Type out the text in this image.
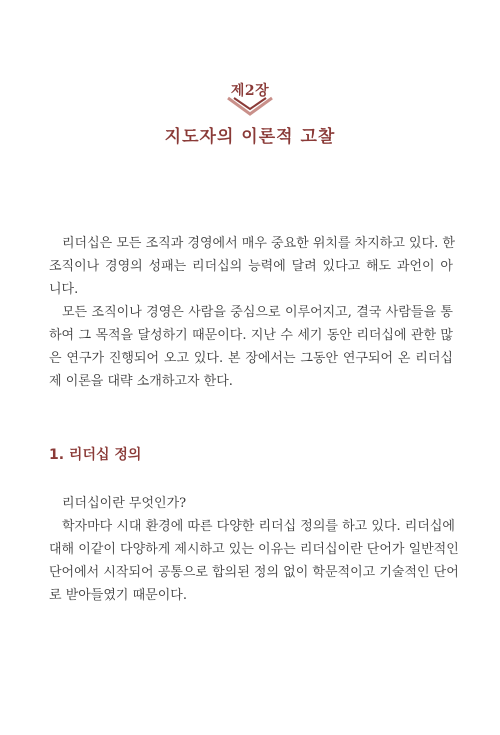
제2장
지도자의 이론적 고찰

리더십은 모든 조직과 경영에서 매우 중요한 위치를 차지하고 있다. 한
조직이나 경영의 성패는 리더십의 능력에 달려 있다고 해도 과언이 아
니다.

모든 조직이나 경영은 사람을 중심으로 이루어지고, 결국 사람들을 통
하여 그 목적을 달성하기 때문이다. 지난 수 세기 동안 리더십에 관한 많
은 연구가 진행되어 오고 있다. 본 장에서는 그동안 연구되어 온 리더십
제 이론을 대략 소개하고자 한다.

1. 리더십 정의
리더십이란 무엇인가?

학자마다 시대 환경에 따른 다양한 리더십 정의를 하고 있다. 리더십에
대해 이같이 다양하게 제시하고 있는 이유는 리더십이란 단어가 일반적인
단어에서 시작되어 공통으로 합의된 정의 없이 학문적이고 기술적인 단어
로 받아들였기 때문이다.
